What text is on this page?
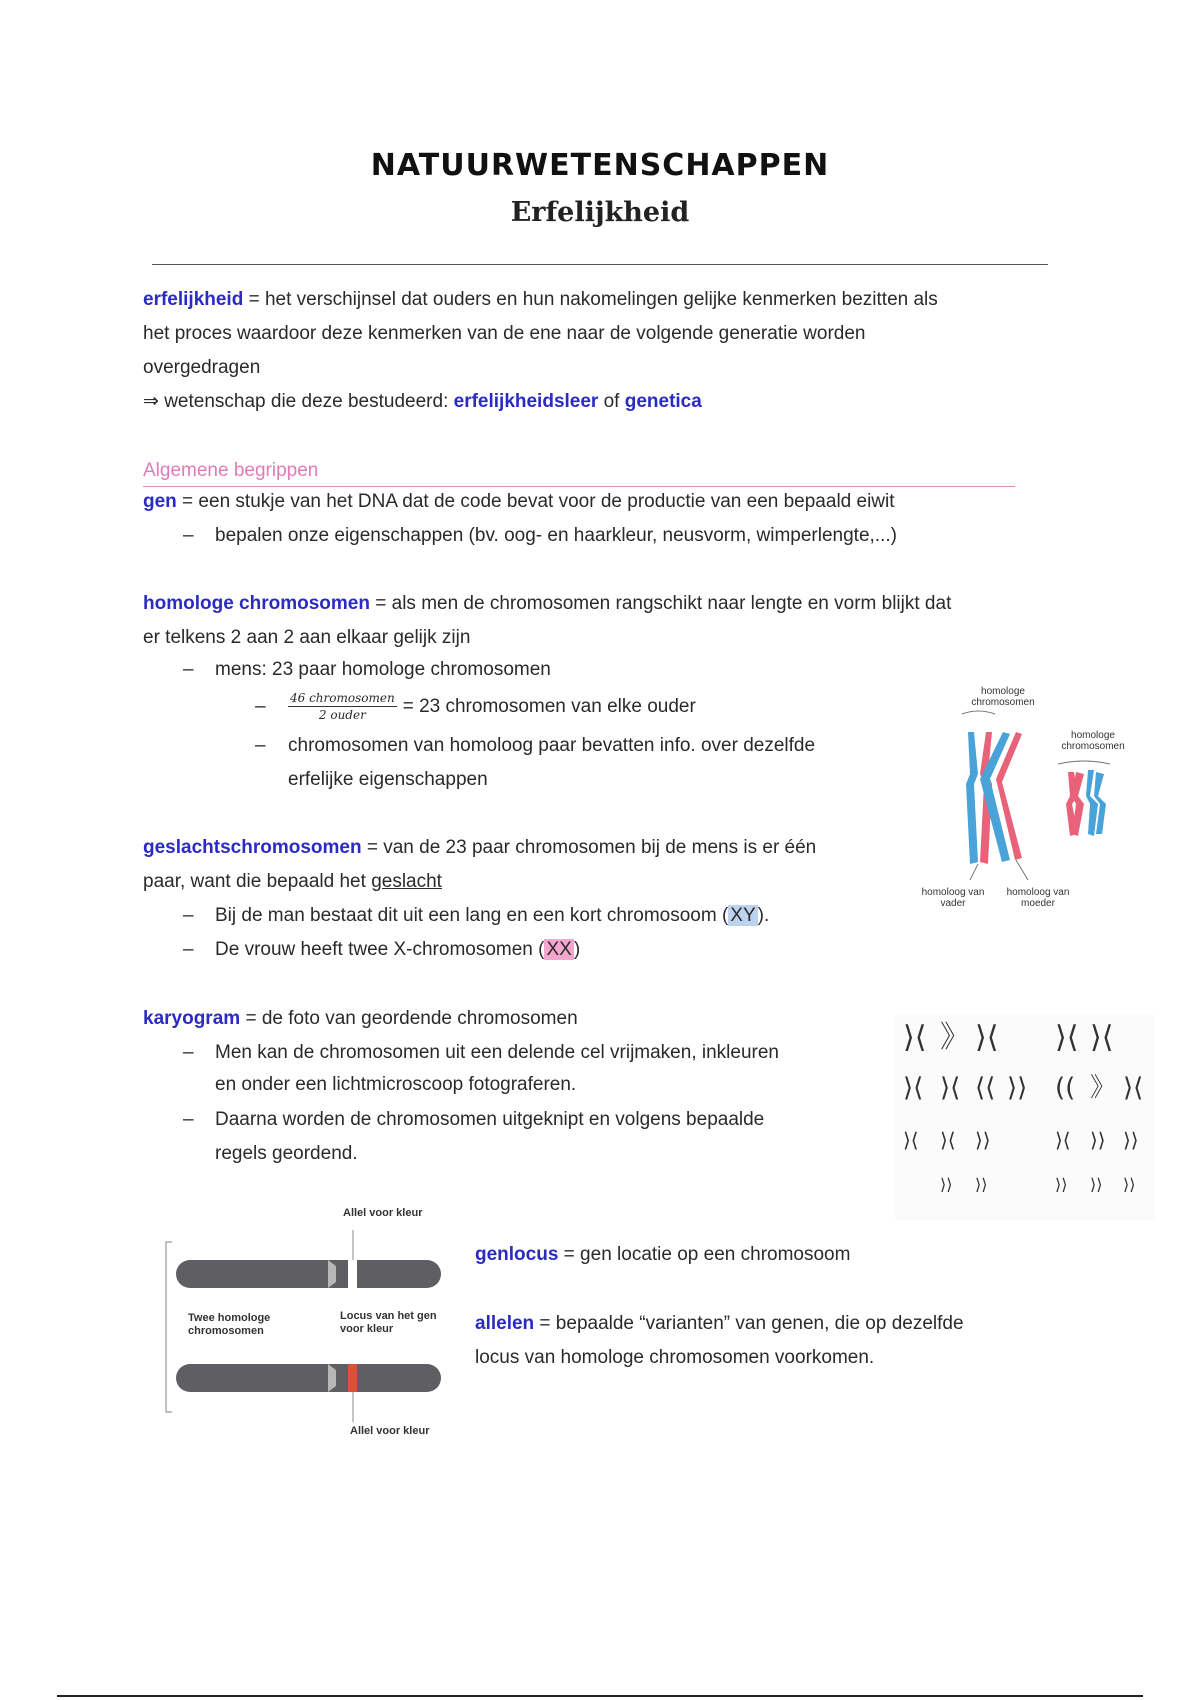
NATUURWETENSCHAPPEN
Erfelijkheid
erfelijkheid = het verschijnsel dat ouders en hun nakomelingen gelijke kenmerken bezitten als
het proces waardoor deze kenmerken van de ene naar de volgende generatie worden
overgedragen
⇒ wetenschap die deze bestudeerd: erfelijkheidsleer of genetica
Algemene begrippen
gen = een stukje van het DNA dat de code bevat voor de productie van een bepaald eiwit
–	bepalen onze eigenschappen (bv. oog- en haarkleur, neusvorm, wimperlengte,...)
homologe chromosomen = als men de chromosomen rangschikt naar lengte en vorm blijkt dat
er telkens 2 aan 2 aan elkaar gelijk zijn
–	mens: 23 paar homologe chromosomen
–	$\frac{\text{46 chromosomen}}{\text{2 ouder}} = 23$ chromosomen van elke ouder
–	chromosomen van homoloog paar bevatten info. over dezelfde
erfelijke eigenschappen
homologe chromosomen
homologe chromosomen
homoloog van vader
homoloog van moeder
geslachtschromosomen = van de 23 paar chromosomen bij de mens is er één
paar, want die bepaald het geslacht
–	Bij de man bestaat dit uit een lang en een kort chromosoom ( XY ).
–	De vrouw heeft twee X-chromosomen ( XX )
karyogram = de foto van geordende chromosomen
–	Men kan de chromosomen uit een delende cel vrijmaken, inkleuren
en onder een lichtmicroscoop fotograferen.
–	Daarna worden de chromosomen uitgeknipt en volgens bepaalde
regels geordend.
⟩⟨ 》 ⟩⟨ ⟩⟨ ⟩⟨
⟩⟨ ⟩⟨ ⟨⟨ ⟩⟩ (( 》 ⟩⟨
⟩⟨ ⟩⟨ ⟩⟩	⟩⟨ ⟩⟩ ⟩⟩
⟩⟩ ⟩⟩	⟩⟩ ⟩⟩ ⟩⟩
Allel voor kleur
Twee homologe chromosomen
Locus van het gen voor kleur
Allel voor kleur
genlocus = gen locatie op een chromosoom
allelen = bepaalde “varianten” van genen, die op dezelfde
locus van homologe chromosomen voorkomen.
